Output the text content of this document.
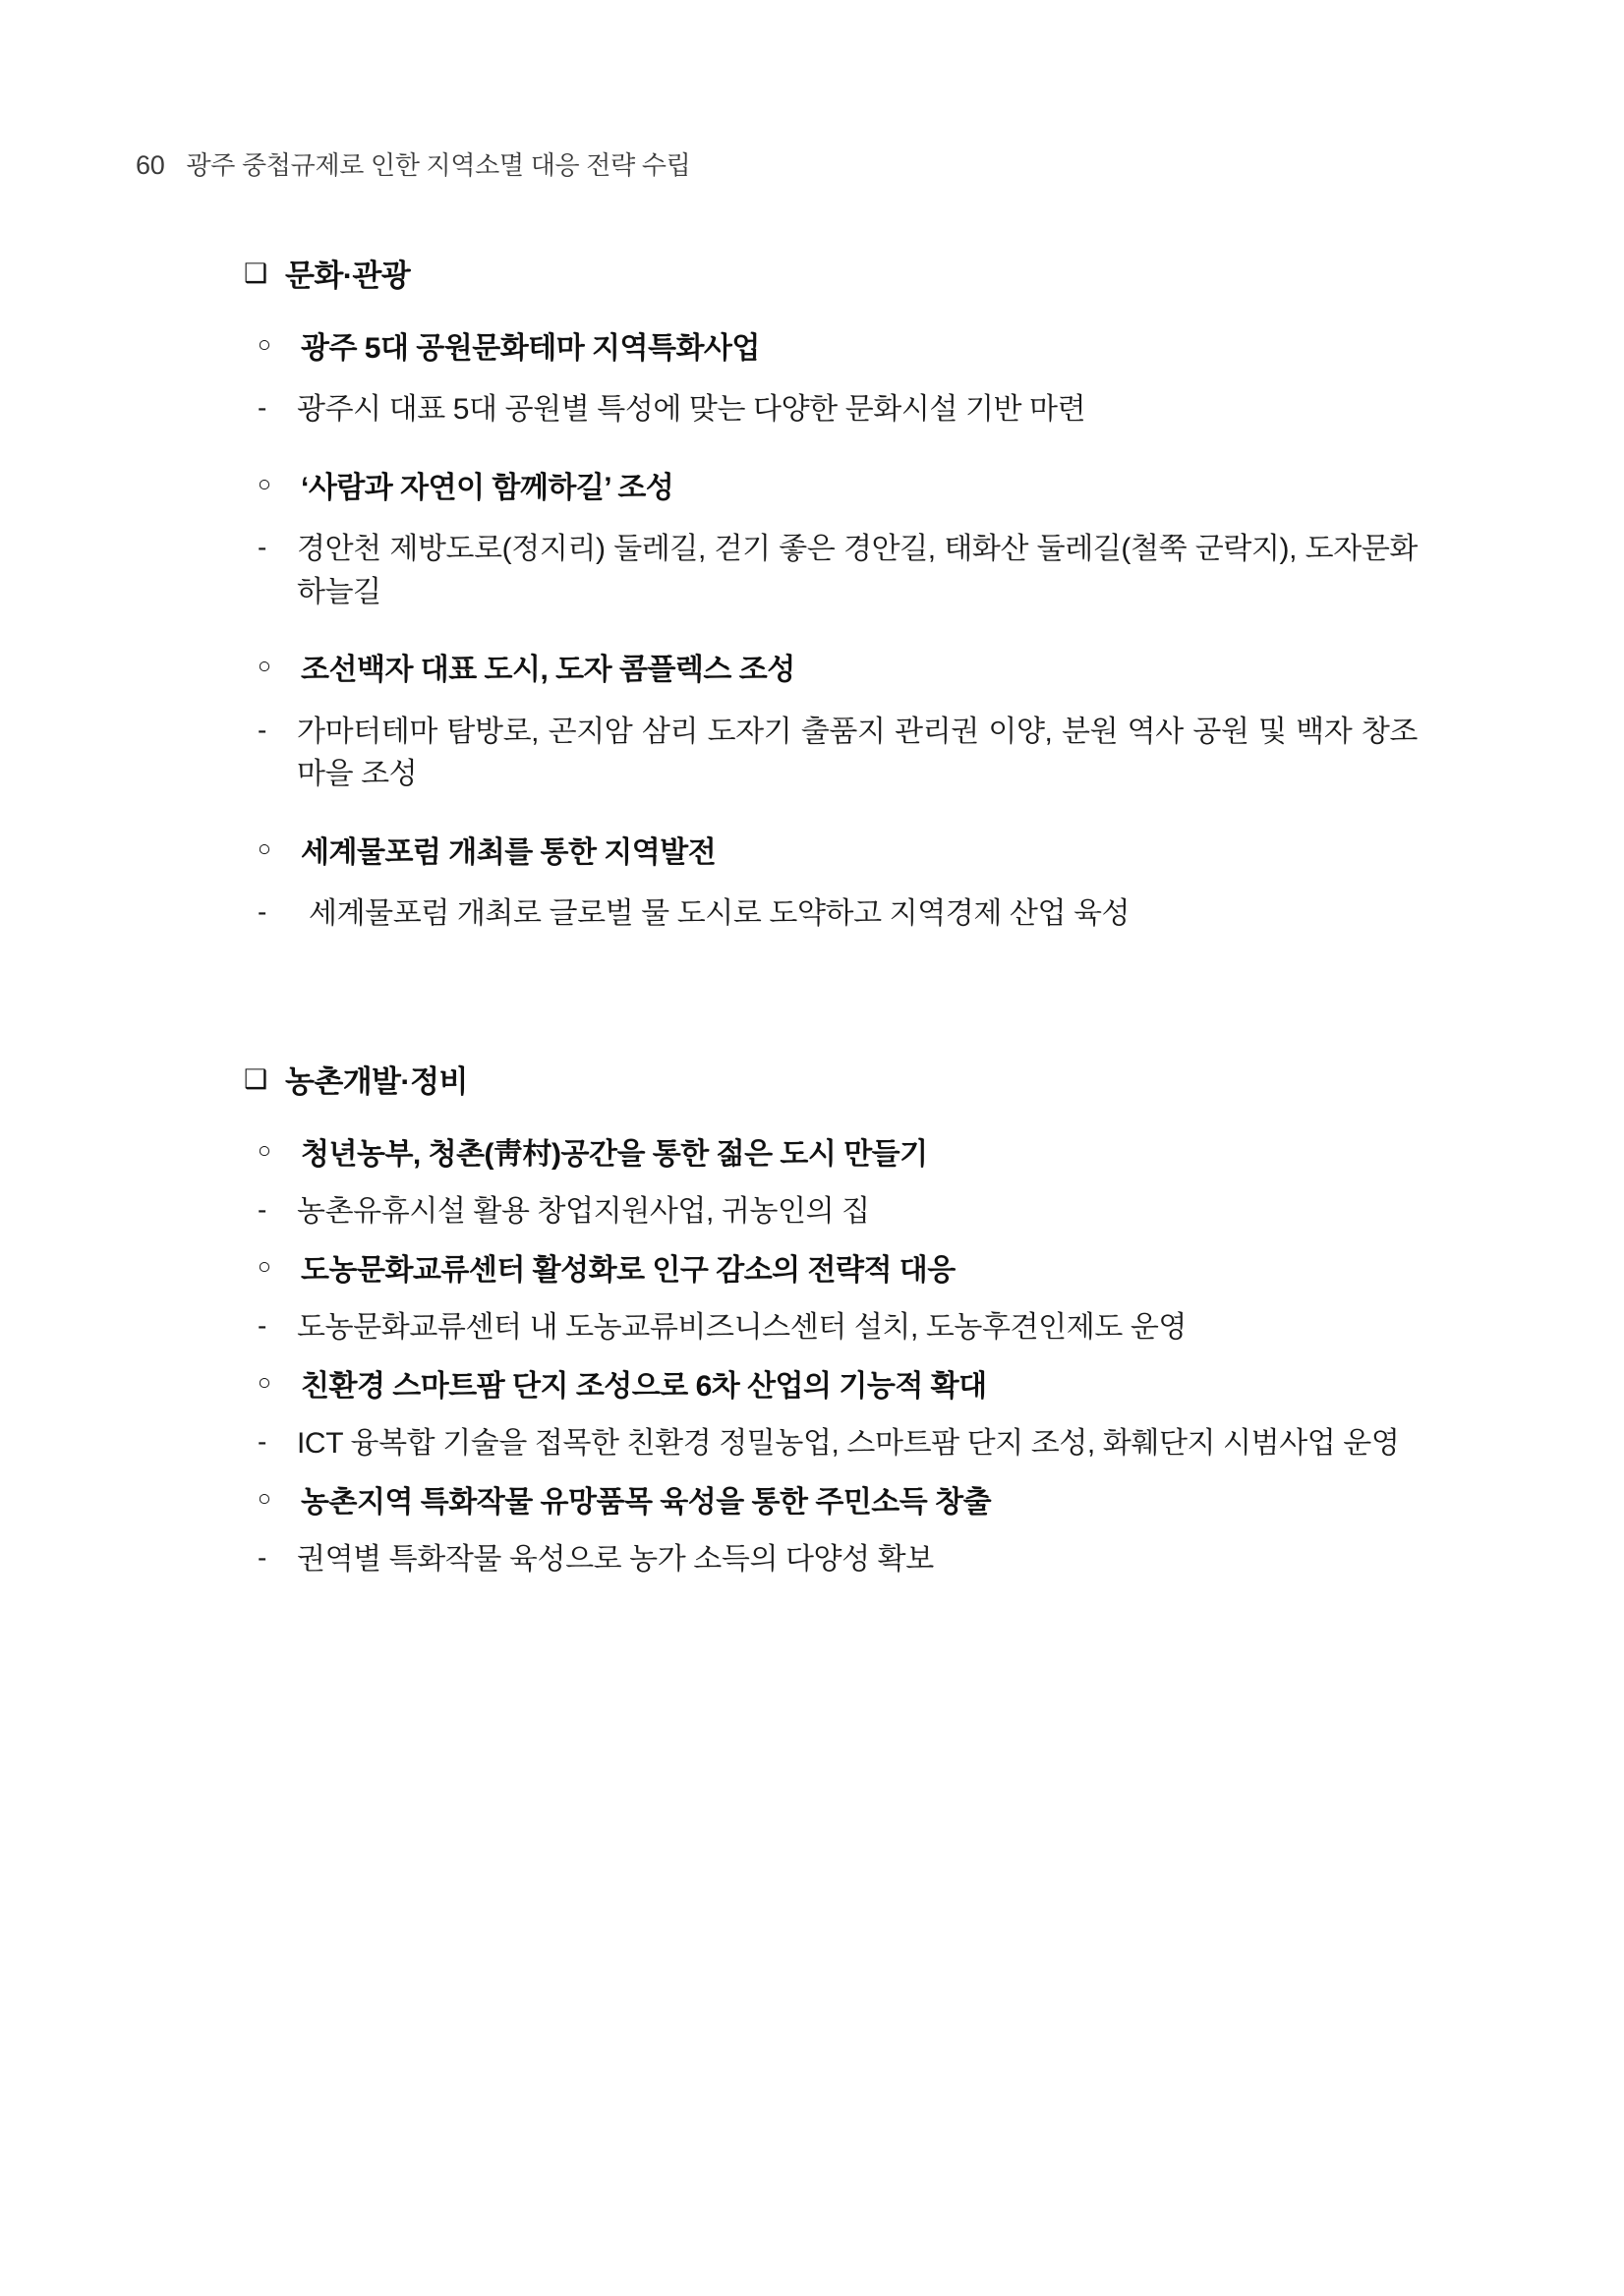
60 광주 중첩규제로 인한 지역소멸 대응 전략 수립
❑ 문화·관광
○	광주 5대 공원문화테마 지역특화사업
-	광주시 대표 5대 공원별 특성에 맞는 다양한 문화시설 기반 마련
○	‘사람과 자연이 함께하길’ 조성
-	경안천 제방도로(정지리) 둘레길, 걷기 좋은 경안길, 태화산 둘레길(철쭉 군락지), 도자문화 하늘길
○	조선백자 대표 도시, 도자 콤플렉스 조성
-	가마터테마 탐방로, 곤지암 삼리 도자기 출품지 관리권 이양, 분원 역사 공원 및 백자 창조마을 조성
○	세계물포럼 개최를 통한 지역발전
-	세계물포럼 개최로 글로벌 물 도시로 도약하고 지역경제 산업 육성
❑ 농촌개발·정비
○	청년농부, 청촌(靑村)공간을 통한 젊은 도시 만들기
-	농촌유휴시설 활용 창업지원사업, 귀농인의 집
○	도농문화교류센터 활성화로 인구 감소의 전략적 대응
-	도농문화교류센터 내 도농교류비즈니스센터 설치, 도농후견인제도 운영
○	친환경 스마트팜 단지 조성으로 6차 산업의 기능적 확대
-	ICT 융복합 기술을 접목한 친환경 정밀농업, 스마트팜 단지 조성, 화훼단지 시범사업 운영
○	농촌지역 특화작물 유망품목 육성을 통한 주민소득 창출
-	권역별 특화작물 육성으로 농가 소득의 다양성 확보
